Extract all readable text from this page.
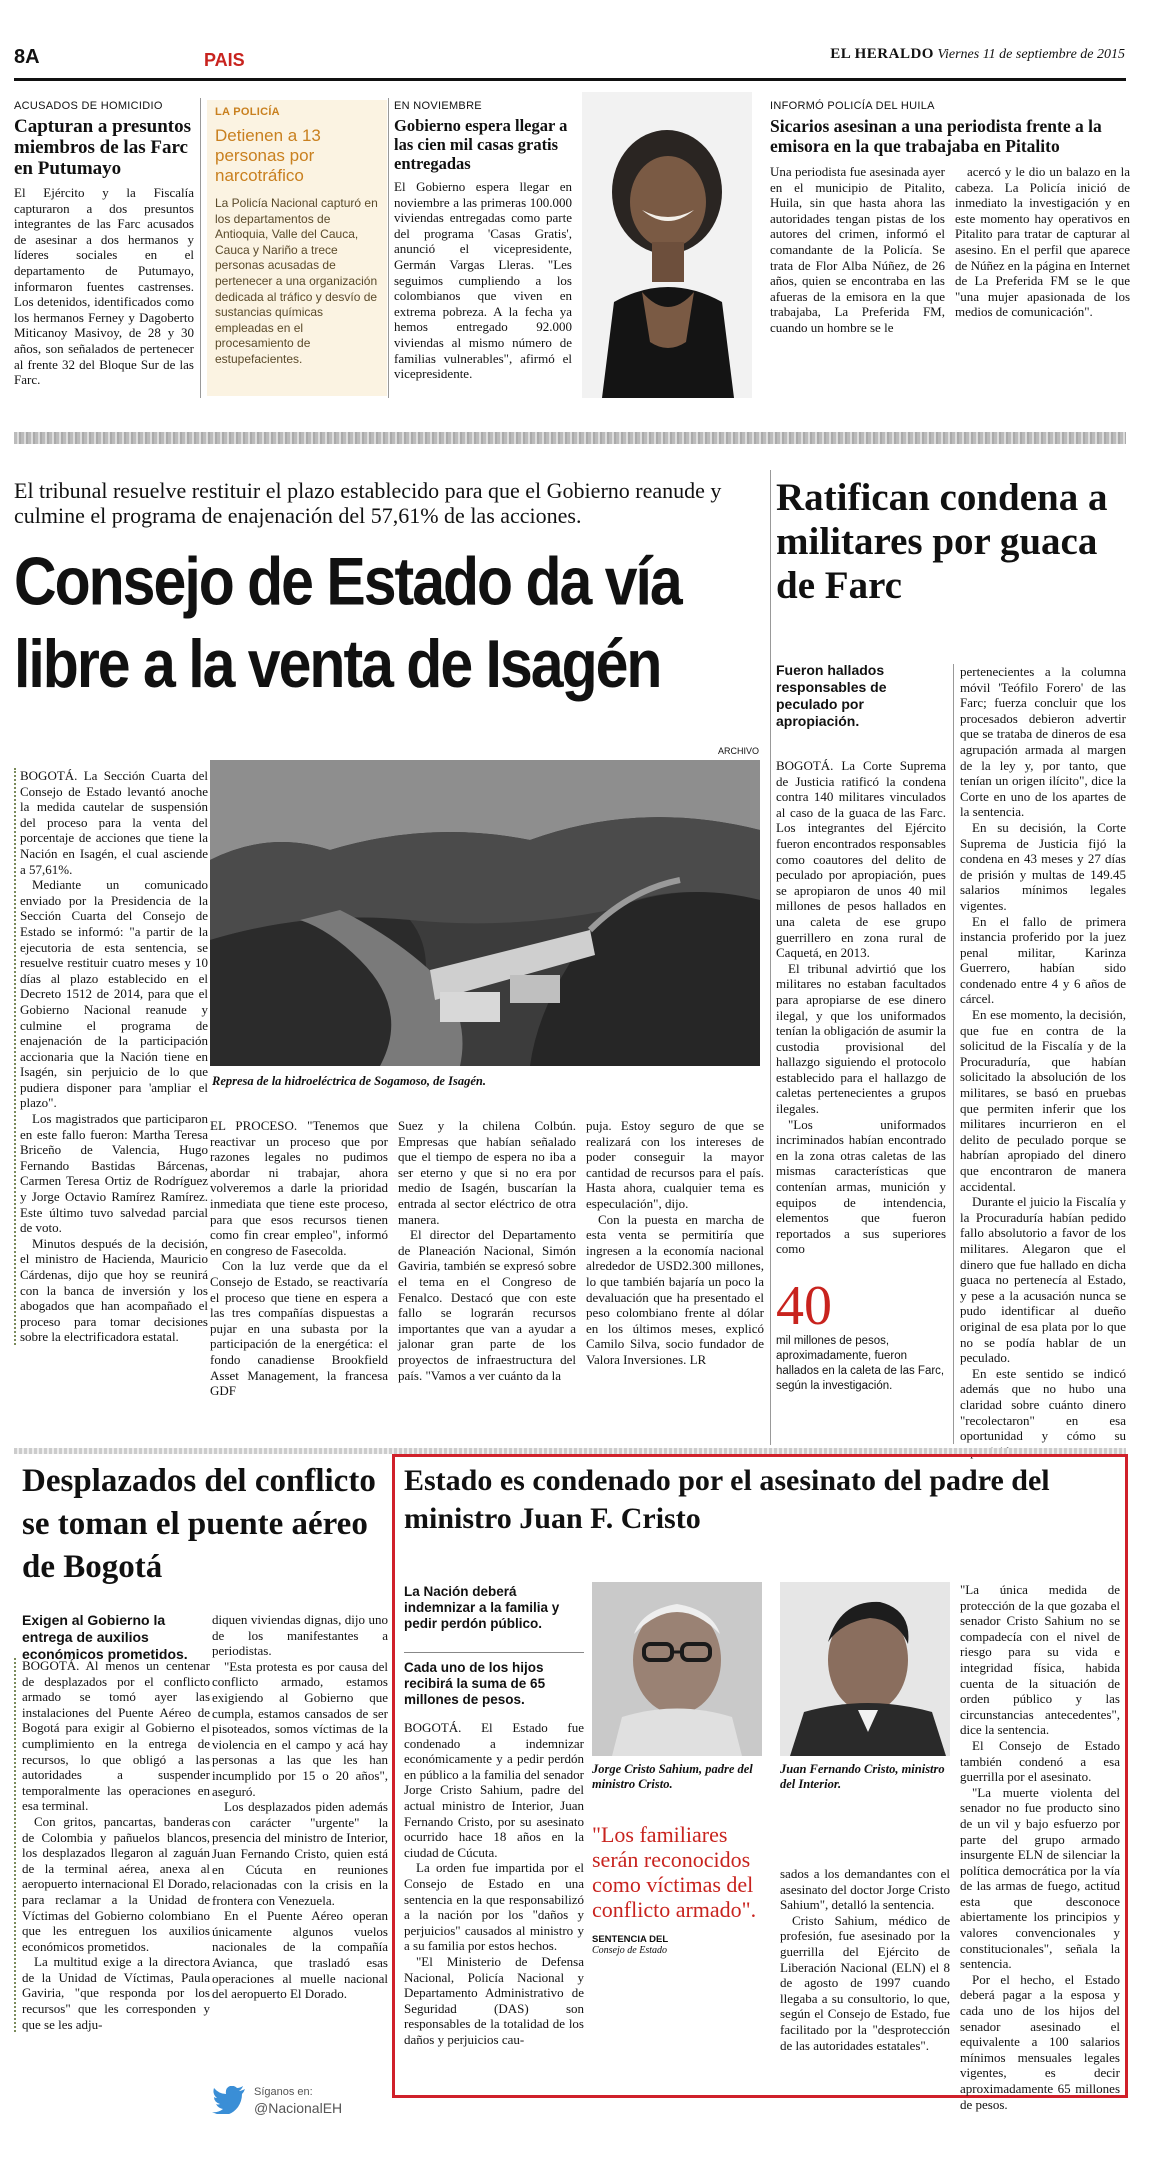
8A	PAIS	EL HERALDO Viernes 11 de septiembre de 2015
ACUSADOS DE HOMICIDIO
Capturan a presuntos miembros de las Farc en Putumayo

El Ejército y la Fiscalía capturaron a dos presuntos integrantes de las Farc acusados de asesinar a dos hermanos y líderes sociales en el departamento de Putumayo, informaron fuentes castrenses. Los detenidos, identificados como los hermanos Ferney y Dagoberto Miticanoy Masivoy, de 28 y 30 años, son señalados de pertenecer al frente 32 del Bloque Sur de las Farc.

LA POLICÍA
Detienen a 13 personas por narcotráfico

La Policía Nacional capturó en los departamentos de Antioquia, Valle del Cauca, Cauca y Nariño a trece personas acusadas de pertenecer a una organización dedicada al tráfico y desvío de sustancias químicas empleadas en el procesamiento de estupefacientes.

EN NOVIEMBRE
Gobierno espera llegar a las cien mil casas gratis entregadas

El Gobierno espera llegar en noviembre a las primeras 100.000 viviendas entregadas como parte del programa 'Casas Gratis', anunció el vicepresidente, Germán Vargas Lleras. "Les seguimos cumpliendo a los colombianos que viven en extrema pobreza. A la fecha ya hemos entregado 92.000 viviendas al mismo número de familias vulnerables", afirmó el vicepresidente.

INFORMÓ POLICÍA DEL HUILA
Sicarios asesinan a una periodista frente a la emisora en la que trabajaba en Pitalito

Una periodista fue asesinada ayer en el municipio de Pitalito, Huila, sin que hasta ahora las autoridades tengan pistas de los autores del crimen, informó el comandante de la Policía. Se trata de Flor Alba Núñez, de 26 años, quien se encontraba en las afueras de la emisora en la que trabajaba, La Preferida FM, cuando un hombre se le

acercó y le dio un balazo en la cabeza. La Policía inició de inmediato la investigación y en este momento hay operativos en Pitalito para tratar de capturar al asesino. En el perfil que aparece de Núñez en la página en Internet de La Preferida FM se le que "una mujer apasionada de los medios de comunicación".

El tribunal resuelve restituir el plazo establecido para que el Gobierno reanude y culmine el programa de enajenación del 57,61% de las acciones.
Consejo de Estado da vía
libre a la venta de Isagén

BOGOTÁ. La Sección Cuarta del Consejo de Estado levantó anoche la medida cautelar de suspensión del proceso para la venta del porcentaje de acciones que tiene la Nación en Isagén, el cual asciende a 57,61%.

Mediante un comunicado enviado por la Presidencia de la Sección Cuarta del Consejo de Estado se informó: "a partir de la ejecutoria de esta sentencia, se resuelve restituir cuatro meses y 10 días al plazo establecido en el Decreto 1512 de 2014, para que el Gobierno Nacional reanude y culmine el programa de enajenación de la participación accionaria que la Nación tiene en Isagén, sin perjuicio de lo que pudiera disponer para 'ampliar el plazo".

Los magistrados que participaron en este fallo fueron: Martha Teresa Briceño de Valencia, Hugo Fernando Bastidas Bárcenas, Carmen Teresa Ortiz de Rodríguez y Jorge Octavio Ramírez Ramírez. Este último tuvo salvedad parcial de voto.

Minutos después de la decisión, el ministro de Hacienda, Mauricio Cárdenas, dijo que hoy se reunirá con la banca de inversión y los abogados que han acompañado el proceso para tomar decisiones sobre la electrificadora estatal.

ARCHIVO
Represa de la hidroeléctrica de Sogamoso, de Isagén.

EL PROCESO. "Tenemos que reactivar un proceso que por razones legales no pudimos abordar ni trabajar, ahora volveremos a darle la prioridad inmediata que tiene este proceso, para que esos recursos tienen como fin crear empleo", informó en congreso de Fasecolda.

Con la luz verde que da el Consejo de Estado, se reactivaría el proceso que tiene en espera a las tres compañías dispuestas a pujar en una subasta por la participación de la energética: el fondo canadiense Brookfield Asset Management, la francesa GDF

Suez y la chilena Colbún. Empresas que habían señalado que el tiempo de espera no iba a ser eterno y que si no era por medio de Isagén, buscarían la entrada al sector eléctrico de otra manera.

El director del Departamento de Planeación Nacional, Simón Gaviria, también se expresó sobre el tema en el Congreso de Fenalco. Destacó que con este fallo se lograrán recursos importantes que van a ayudar a jalonar gran parte de los proyectos de infraestructura del país. "Vamos a ver cuánto da la

puja. Estoy seguro de que se realizará con los intereses de poder conseguir la mayor cantidad de recursos para el país. Hasta ahora, cualquier tema es especulación", dijo.

Con la puesta en marcha de esta venta se permitiría que ingresen a la economía nacional alrededor de USD2.300 millones, lo que también bajaría un poco la devaluación que ha presentado el peso colombiano frente al dólar en los últimos meses, explicó Camilo Silva, socio fundador de Valora Inversiones. LR

Ratifican condena a militares por guaca de Farc
Fueron hallados responsables de peculado por apropiación.

BOGOTÁ. La Corte Suprema de Justicia ratificó la condena contra 140 militares vinculados al caso de la guaca de las Farc. Los integrantes del Ejército fueron encontrados responsables como coautores del delito de peculado por apropiación, pues se apropiaron de unos 40 mil millones de pesos hallados en una caleta de ese grupo guerrillero en zona rural de Caquetá, en 2013.

El tribunal advirtió que los militares no estaban facultados para apropiarse de ese dinero ilegal, y que los uniformados tenían la obligación de asumir la custodia provisional del hallazgo siguiendo el protocolo establecido para el hallazgo de caletas pertenecientes a grupos ilegales.

"Los uniformados incriminados habían encontrado en la zona otras caletas de las mismas características que contenían armas, munición y equipos de intendencia, elementos que fueron reportados a sus superiores como

40
mil millones de pesos, aproximadamente, fueron hallados en la caleta de las Farc, según la investigación.

pertenecientes a la columna móvil 'Teófilo Forero' de las Farc; fuerza concluir que los procesados debieron advertir que se trataba de dineros de esa agrupación armada al margen de la ley y, por tanto, que tenían un origen ilícito", dice la Corte en uno de los apartes de la sentencia.

En su decisión, la Corte Suprema de Justicia fijó la condena en 43 meses y 27 días de prisión y multas de 149.45 salarios mínimos legales vigentes.

En el fallo de primera instancia proferido por la juez penal militar, Karinza Guerrero, habían sido condenado entre 4 y 6 años de cárcel.

En ese momento, la decisión, que fue en contra de la solicitud de la Fiscalía y de la Procuraduría, que habían solicitado la absolución de los militares, se basó en pruebas que permiten inferir que los militares incurrieron en el delito de peculado porque se habrían apropiado del dinero que encontraron de manera accidental.

Durante el juicio la Fiscalía y la Procuraduría habían pedido fallo absolutorio a favor de los militares. Alegaron que el dinero que fue hallado en dicha guaca no pertenecía al Estado, y pese a la acusación nunca se pudo identificar al dueño original de esa plata por lo que no se podía hablar de un peculado.

En este sentido se indicó además que no hubo una claridad sobre cuánto dinero "recolectaron" en esa oportunidad y cómo su

Desplazados del conflicto se toman el puente aéreo de Bogotá
Exigen al Gobierno la entrega de auxilios económicos prometidos.

BOGOTÁ. Al menos un centenar de desplazados por el conflicto armado se tomó ayer las instalaciones del Puente Aéreo de Bogotá para exigir al Gobierno el cumplimiento en la entrega de recursos, lo que obligó a las autoridades a suspender temporalmente las operaciones en esa terminal.

Con gritos, pancartas, banderas de Colombia y pañuelos blancos, los desplazados llegaron al zaguán de la terminal aérea, anexa al aeropuerto internacional El Dorado, para reclamar a la Unidad de Víctimas del Gobierno colombiano que les entreguen los auxilios económicos prometidos.

La multitud exige a la directora de la Unidad de Víctimas, Paula Gaviria, "que responda por los recursos" que les corresponden y que se les adju-

diquen viviendas dignas, dijo uno de los manifestantes a periodistas.

"Esta protesta es por causa del conflicto armado, estamos exigiendo al Gobierno que cumpla, estamos cansados de ser pisoteados, somos víctimas de la violencia en el campo y acá hay personas a las que les han incumplido por 15 o 20 años", aseguró.

Los desplazados piden además con carácter "urgente" la presencia del ministro de Interior, Juan Fernando Cristo, quien está en Cúcuta en reuniones relacionadas con la crisis en la frontera con Venezuela.

En el Puente Aéreo operan únicamente algunos vuelos nacionales de la compañía Avianca, que trasladó esas operaciones al muelle nacional del aeropuerto El Dorado.

Síganos en:
@NacionalEH
Estado es condenado por el asesinato del padre del ministro Juan F. Cristo
La Nación deberá indemnizar a la familia y pedir perdón público.
Cada uno de los hijos recibirá la suma de 65 millones de pesos.

BOGOTÁ. El Estado fue condenado a indemnizar económicamente y a pedir perdón en público a la familia del senador Jorge Cristo Sahium, padre del actual ministro de Interior, Juan Fernando Cristo, por su asesinato ocurrido hace 18 años en la ciudad de Cúcuta.

La orden fue impartida por el Consejo de Estado en una sentencia en la que responsabilizó a la nación por los "daños y perjuicios" causados al ministro y a su familia por estos hechos.

"El Ministerio de Defensa Nacional, Policía Nacional y Departamento Administrativo de Seguridad (DAS) son responsables de la totalidad de los daños y perjuicios cau-

Jorge Cristo Sahium, padre del ministro Cristo.
Juan Fernando Cristo, ministro del Interior.
"Los familiares serán reconocidos como víctimas del conflicto armado".
SENTENCIA DEL
Consejo de Estado

sados a los demandantes con el asesinato del doctor Jorge Cristo Sahium", detalló la sentencia.

Cristo Sahium, médico de profesión, fue asesinado por la guerrilla del Ejército de Liberación Nacional (ELN) el 8 de agosto de 1997 cuando llegaba a su consultorio, lo que, según el Consejo de Estado, fue facilitado por la "desprotección de las autoridades estatales".

"La única medida de protección de la que gozaba el senador Cristo Sahium no se compadecía con el nivel de riesgo para su vida e integridad física, habida cuenta de la situación de orden público y las circunstancias antecedentes", dice la sentencia.

El Consejo de Estado también condenó a esa guerrilla por el asesinato.

"La muerte violenta del senador no fue producto sino de un vil y bajo esfuerzo por parte del grupo armado insurgente ELN de silenciar la política democrática por la vía de las armas de fuego, actitud esta que desconoce abiertamente los principios y valores convencionales y constitucionales", señala la sentencia.

Por el hecho, el Estado deberá pagar a la esposa y cada uno de los hijos del senador asesinado el equivalente a 100 salarios mínimos mensuales legales vigentes, es decir aproximadamente 65 millones de pesos.
